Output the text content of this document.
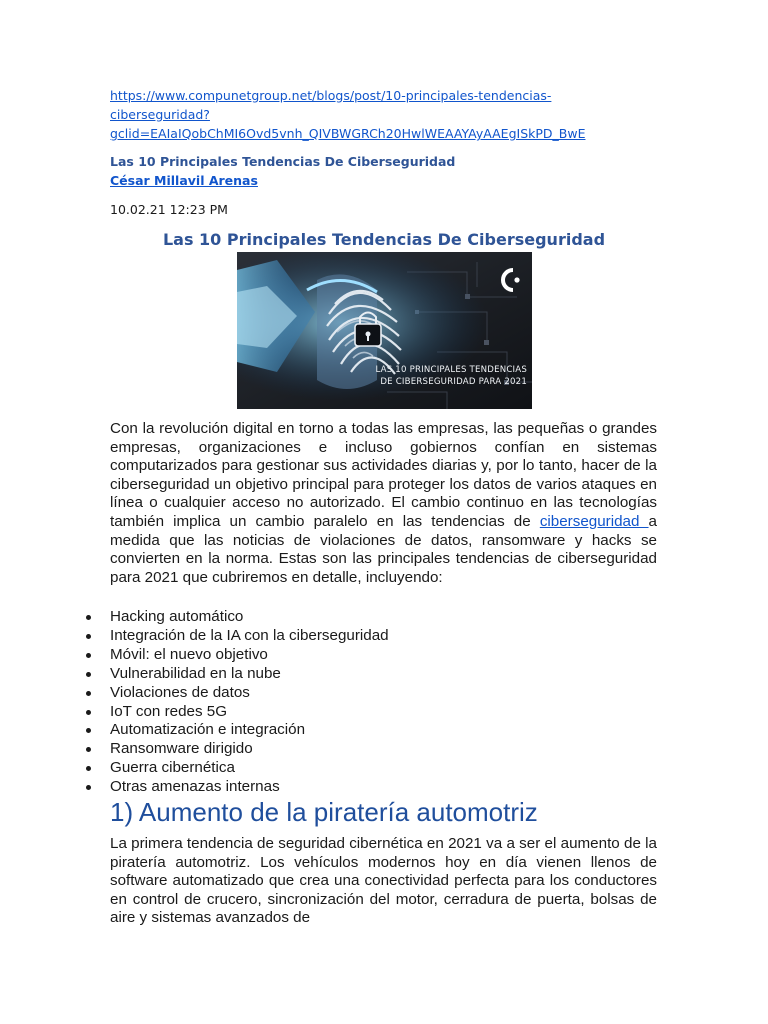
https://www.compunetgroup.net/blogs/post/10-principales-tendencias-
ciberseguridad?
gclid=EAIaIQobChMI6Ovd5vnh_QIVBWGRCh20HwlWEAAYAyAAEgISkPD_BwE
Las 10 Principales Tendencias De Ciberseguridad
César Millavil Arenas
10.02.21 12:23 PM
Las 10 Principales Tendencias De Ciberseguridad
LAS 10 PRINCIPALES TENDENCIAS
DE CIBERSEGURIDAD PARA 2021
Con la revolución digital en torno a todas las empresas, las pequeñas o grandes empresas, organizaciones e incluso gobiernos confían en sistemas computarizados para gestionar sus actividades diarias y, por lo tanto, hacer de la ciberseguridad un objetivo principal para proteger los datos de varios ataques en línea o cualquier acceso no autorizado. El cambio continuo en las tecnologías también implica un cambio paralelo en las tendencias de ciberseguridad a medida que las noticias de violaciones de datos, ransomware y hacks se convierten en la norma. Estas son las principales tendencias de ciberseguridad para 2021 que cubriremos en detalle, incluyendo:
Hacking automático
Integración de la IA con la ciberseguridad
Móvil: el nuevo objetivo
Vulnerabilidad en la nube
Violaciones de datos
IoT con redes 5G
Automatización e integración
Ransomware dirigido
Guerra cibernética
Otras amenazas internas
1) Aumento de la piratería automotriz
La primera tendencia de seguridad cibernética en 2021 va a ser el aumento de la piratería automotriz. Los vehículos modernos hoy en día vienen llenos de software automatizado que crea una conectividad perfecta para los conductores en control de crucero, sincronización del motor, cerradura de puerta, bolsas de aire y sistemas avanzados de
